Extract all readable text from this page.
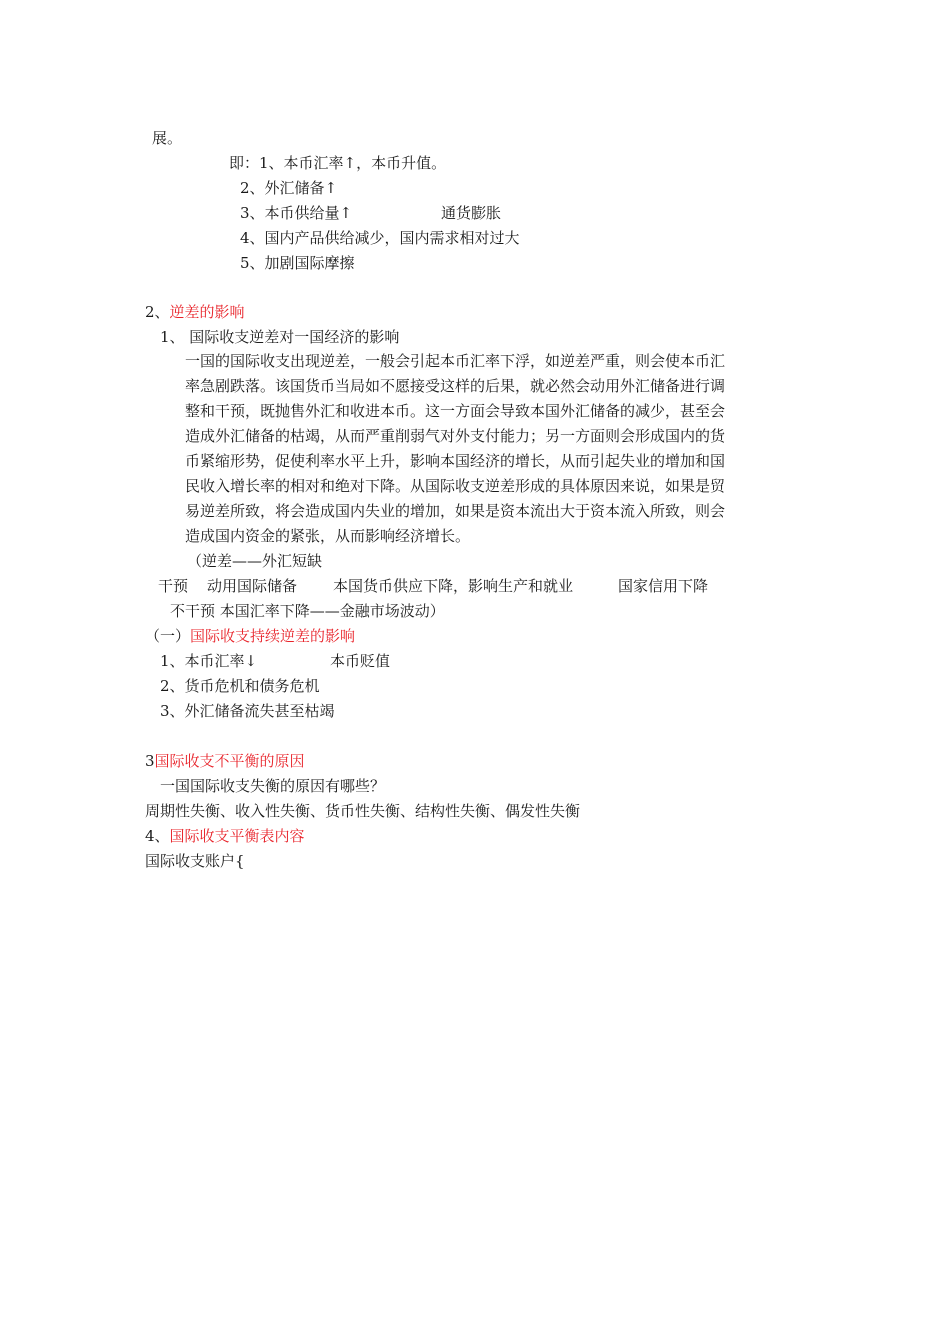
展。
即：1、本币汇率↑，本币升值。
2、外汇储备↑
3、本币供给量↑	通货膨胀
4、国内产品供给减少，国内需求相对过大
5、加剧国际摩擦
2、逆差的影响
1、 国际收支逆差对一国经济的影响
一国的国际收支出现逆差，一般会引起本币汇率下浮，如逆差严重，则会使本币汇
率急剧跌落。该国货币当局如不愿接受这样的后果，就必然会动用外汇储备进行调
整和干预，既抛售外汇和收进本币。这一方面会导致本国外汇储备的减少，甚至会
造成外汇储备的枯竭，从而严重削弱气对外支付能力；另一方面则会形成国内的货
币紧缩形势，促使利率水平上升，影响本国经济的增长，从而引起失业的增加和国
民收入增长率的相对和绝对下降。从国际收支逆差形成的具体原因来说，如果是贸
易逆差所致，将会造成国内失业的增加，如果是资本流出大于资本流入所致，则会
造成国内资金的紧张，从而影响经济增长。
（逆差——外汇短缺
干预 动用国际储备 本国货币供应下降，影响生产和就业	国家信用下降
不干预 本国汇率下降——金融市场波动）
（一）国际收支持续逆差的影响
1、本币汇率↓	本币贬值
2、货币危机和债务危机
3、外汇储备流失甚至枯竭
3国际收支不平衡的原因
一国国际收支失衡的原因有哪些？
周期性失衡、收入性失衡、货币性失衡、结构性失衡、偶发性失衡
4、国际收支平衡表内容
国际收支账户{
